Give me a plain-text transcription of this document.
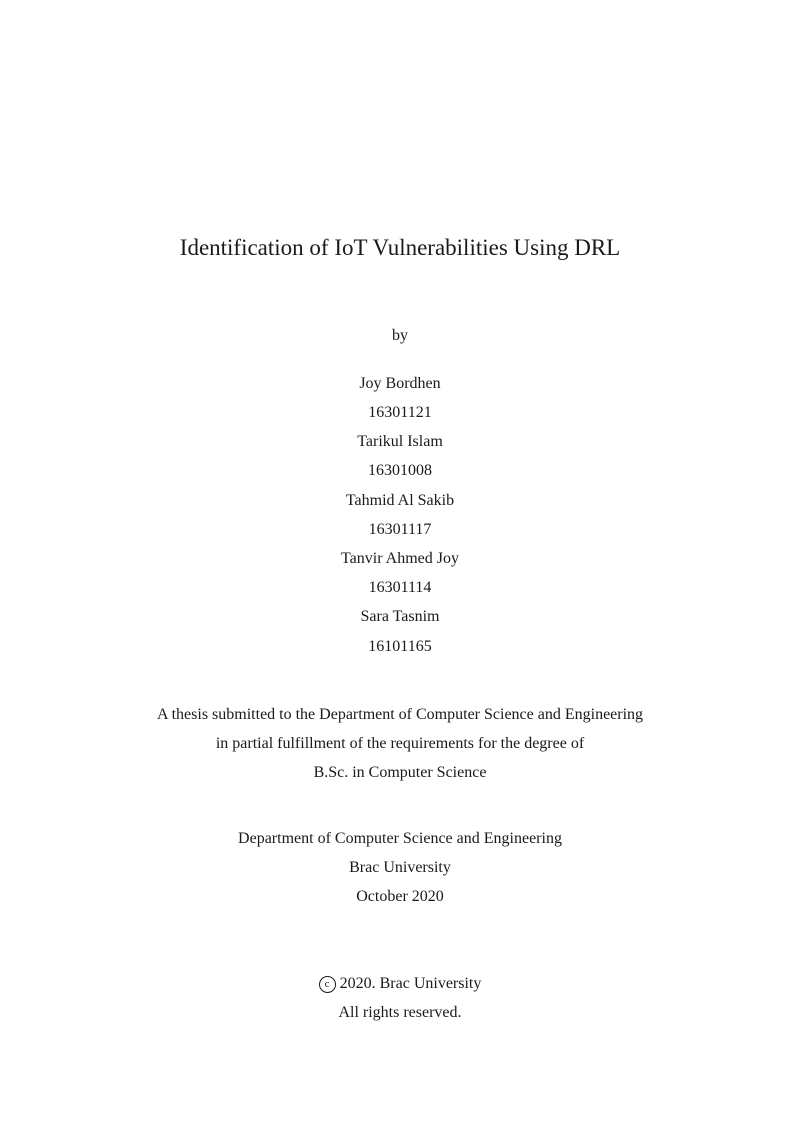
Identification of IoT Vulnerabilities Using DRL
by
Joy Bordhen
16301121
Tarikul Islam
16301008
Tahmid Al Sakib
16301117
Tanvir Ahmed Joy
16301114
Sara Tasnim
16101165
A thesis submitted to the Department of Computer Science and Engineering
in partial fulfillment of the requirements for the degree of
B.Sc. in Computer Science
Department of Computer Science and Engineering
Brac University
October 2020
c 2020. Brac University
All rights reserved.
